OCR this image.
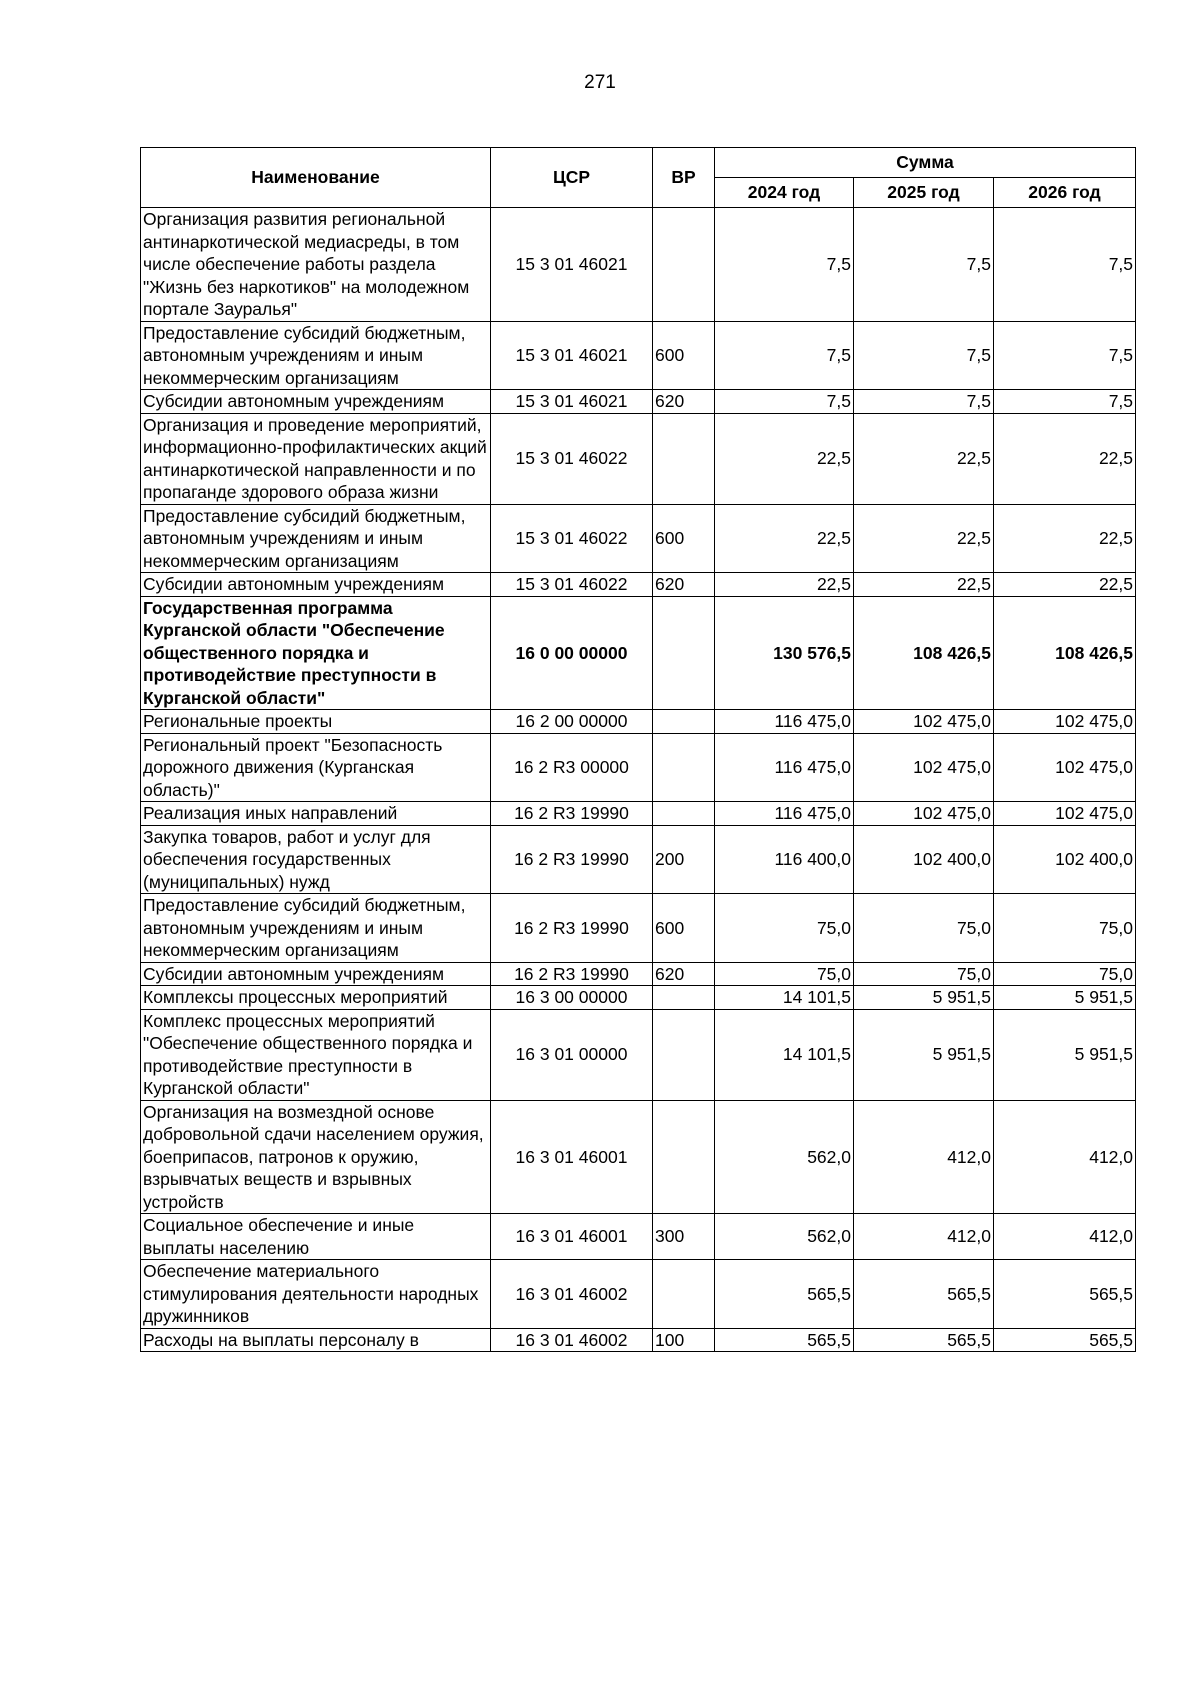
271
Наименование	ЦСР	ВР	Сумма		
			2024 год	2025 год	2026 год
Организация развития региональной антинаркотической медиасреды, в том числе обеспечение работы раздела "Жизнь без наркотиков" на молодежном портале Зауралья"	15 3 01 46021		7,5	7,5	7,5
Предоставление субсидий бюджетным, автономным учреждениям и иным некоммерческим организациям	15 3 01 46021	600	7,5	7,5	7,5
Субсидии автономным учреждениям	15 3 01 46021	620	7,5	7,5	7,5
Организация и проведение мероприятий, информационно-профилактических акций антинаркотической направленности и по пропаганде здорового образа жизни	15 3 01 46022		22,5	22,5	22,5
Предоставление субсидий бюджетным, автономным учреждениям и иным некоммерческим организациям	15 3 01 46022	600	22,5	22,5	22,5
Субсидии автономным учреждениям	15 3 01 46022	620	22,5	22,5	22,5
Государственная программа Курганской области "Обеспечение общественного порядка и противодействие преступности в Курганской области"	16 0 00 00000		130 576,5	108 426,5	108 426,5
Региональные проекты	16 2 00 00000		116 475,0	102 475,0	102 475,0
Региональный проект "Безопасность дорожного движения (Курганская область)"	16 2 R3 00000		116 475,0	102 475,0	102 475,0
Реализация иных направлений	16 2 R3 19990		116 475,0	102 475,0	102 475,0
Закупка товаров, работ и услуг для обеспечения государственных (муниципальных) нужд	16 2 R3 19990	200	116 400,0	102 400,0	102 400,0
Предоставление субсидий бюджетным, автономным учреждениям и иным некоммерческим организациям	16 2 R3 19990	600	75,0	75,0	75,0
Субсидии автономным учреждениям	16 2 R3 19990	620	75,0	75,0	75,0
Комплексы процессных мероприятий	16 3 00 00000		14 101,5	5 951,5	5 951,5
Комплекс процессных мероприятий "Обеспечение общественного порядка и противодействие преступности в Курганской области"	16 3 01 00000		14 101,5	5 951,5	5 951,5
Организация на возмездной основе добровольной сдачи населением оружия, боеприпасов, патронов к оружию, взрывчатых веществ и взрывных устройств	16 3 01 46001		562,0	412,0	412,0
Социальное обеспечение и иные выплаты населению	16 3 01 46001	300	562,0	412,0	412,0
Обеспечение материального стимулирования деятельности народных дружинников	16 3 01 46002		565,5	565,5	565,5
Расходы на выплаты персоналу в	16 3 01 46002	100	565,5	565,5	565,5
